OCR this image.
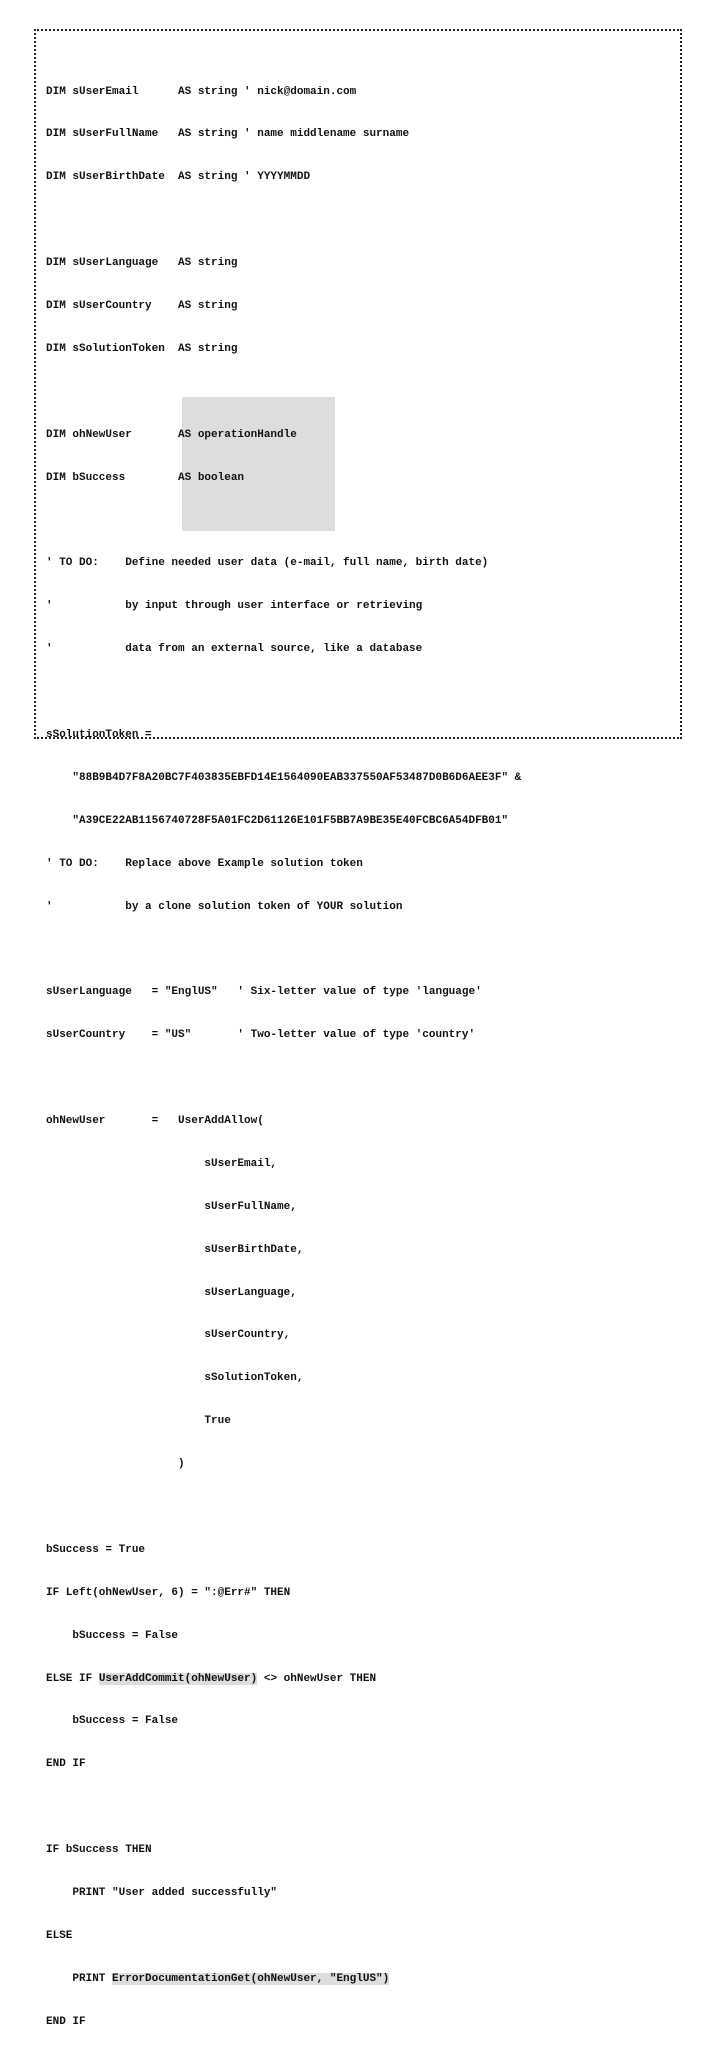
DIM sUserEmail      AS string ' nick@domain.com

DIM sUserFullName   AS string ' name middlename surname

DIM sUserBirthDate  AS string ' YYYYMMDD

DIM sUserLanguage   AS string

DIM sUserCountry    AS string

DIM sSolutionToken  AS string

DIM ohNewUser       AS operationHandle

DIM bSuccess        AS boolean

' TO DO:    Define needed user data (e-mail, full name, birth date)

'           by input through user interface or retrieving

'           data from an external source, like a database

sSolutionToken =

"88B9B4D7F8A20BC7F403835EBFD14E1564090EAB337550AF53487D0B6D6AEE3F" &

"A39CE22AB1156740728F5A01FC2D61126E101F5BB7A9BE35E40FCBC6A54DFB01"

' TO DO:    Replace above Example solution token

'           by a clone solution token of YOUR solution

sUserLanguage   = "EnglUS"   ' Six-letter value of type 'language'

sUserCountry    = "US"       ' Two-letter value of type 'country'

ohNewUser       =   UserAddAllow(

sUserEmail,

sUserFullName,

sUserBirthDate,

sUserLanguage,

sUserCountry,

sSolutionToken,

True

)

bSuccess = True

IF Left(ohNewUser, 6) = ":@Err#" THEN

bSuccess = False

ELSE IF UserAddCommit(ohNewUser) <> ohNewUser THEN

bSuccess = False

END IF

IF bSuccess THEN

PRINT "User added successfully"

ELSE

PRINT ErrorDocumentationGet(ohNewUser, "EnglUS")

END IF
